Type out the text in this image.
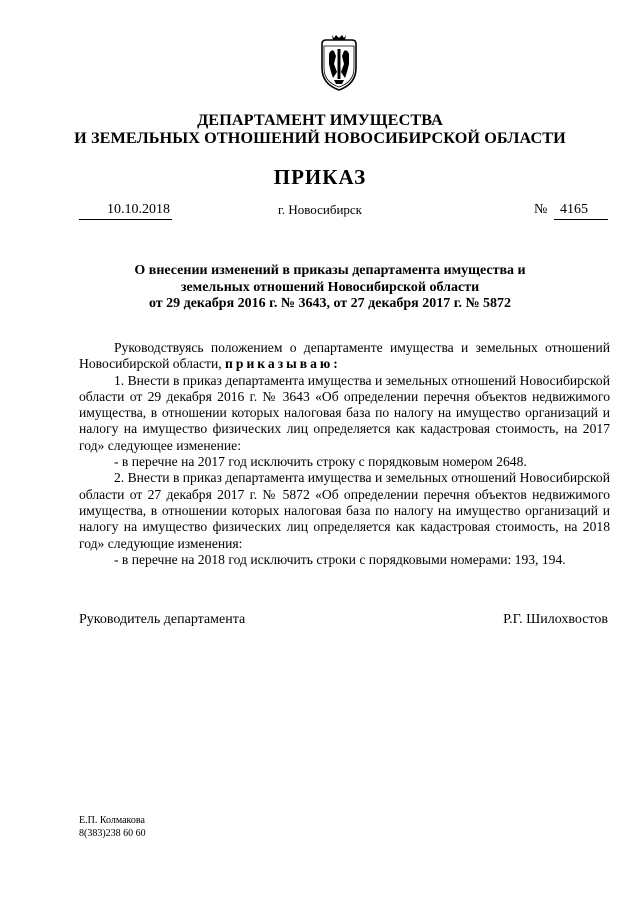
ДЕПАРТАМЕНТ ИМУЩЕСТВА
И ЗЕМЕЛЬНЫХ ОТНОШЕНИЙ НОВОСИБИРСКОЙ ОБЛАСТИ
ПРИКАЗ
10.10.2018	г. Новосибирск	№ 4165
О внесении изменений в приказы департамента имущества и
земельных отношений Новосибирской области
от 29 декабря 2016 г. № 3643, от 27 декабря 2017 г. № 5872

Руководствуясь положением о департаменте имущества и земельных отношений Новосибирской области, приказываю:

1. Внести в приказ департамента имущества и земельных отношений Новосибирской области от 29 декабря 2016 г. № 3643 «Об определении перечня объектов недвижимого имущества, в отношении которых налоговая база по налогу на имущество организаций и налогу на имущество физических лиц определяется как кадастровая стоимость, на 2017 год» следующее изменение:

- в перечне на 2017 год исключить строку с порядковым номером 2648.

2. Внести в приказ департамента имущества и земельных отношений Новосибирской области от 27 декабря 2017 г. № 5872 «Об определении перечня объектов недвижимого имущества, в отношении которых налоговая база по налогу на имущество организаций и налогу на имущество физических лиц определяется как кадастровая стоимость, на 2018 год» следующие изменения:

- в перечне на 2018 год исключить строки с порядковыми номерами: 193, 194.

Руководитель департамента	Р.Г. Шилохвостов
Е.П. Колмакова
8(383)238 60 60
